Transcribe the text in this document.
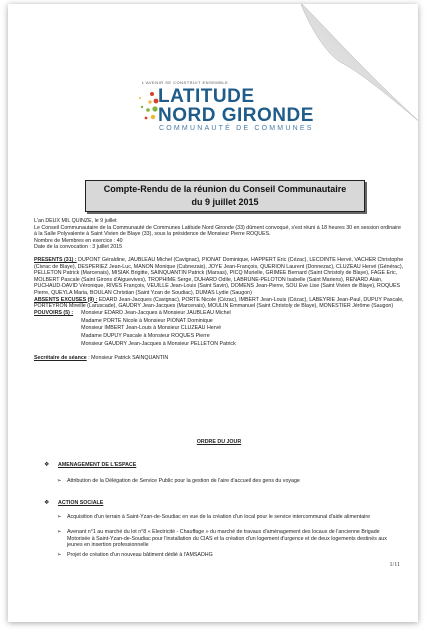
L'AVENIR SE CONSTRUIT ENSEMBLE
LATITUDE
NORD GIRONDE
COMMUNAUTÉ DE COMMUNES
Compte-Rendu de la réunion du Conseil Communautaire
du 9 juillet 2015

L'an DEUX MIL QUINZE, le 9 juillet

Le Conseil Communautaire de la Communauté de Communes Latitude Nord Gironde (33) dûment convoqué, s'est réuni à 18 heures 30 en session ordinaire à la Salle Polyvalente à Saint Vivien de Blaye (33), sous la présidence de Monsieur Pierre ROQUES.

Nombre de Membres en exercice : 40

Date de la convocation : 3 juillet 2015

PRESENTS (31) : DUPONT Géraldine, JAUBLEAU Michel (Cavignac), PIONAT Dominique, HAPPERT Eric (Cézac), LECOINTE Hervé, VACHER Christophe (Civrac de Blaye), DESPERIEZ Jean-Luc, MANON Monique (Cubnezais), JOYE Jean-François, QUERION Laurent (Donnezac), CLUZEAU Hervé (Générac), PELLETON Patrick (Marcenais), MISIAK Brigitte, SAINQUANTIN Patrick (Marsas), PICQ Murielle, GRIMEE Bernard (Saint Christoly de Blaye), FAGE Eric, MOLBERT Pascale (Saint Girons d'Aiguevives), TROPHIME Serge, DUHARD Odile, LABRUNE-PELOTON Isabelle (Saint Mariens), RENARD Alain, PUCHAUD-DAVID Véronique, RIVES François, VEUILLE Jean-Louis (Saint Savin), DOMENS Jean-Pierre, SOU Eve Lise (Saint Vivien de Blaye), ROQUES Pierre, QUEYLA Maria, BOULAN Christian (Saint Yzan de Soudiac), DUMAS Lydie (Saugon)

ABSENTS EXCUSES (9) : EDARD Jean-Jacques (Cavignac), PORTE Nicole (Cézac), IMBERT Jean-Louis (Cézac), LABEYRIE Jean-Paul, DUPUY Pascale, PORTEYRON Mireille (Laruscade), GAUDRY Jean-Jacques (Marcenais), MOULIN Emmanuel (Saint Christoly de Blaye), MONESTIER Jérôme (Saugon)

POUVOIRS (5) : Monsieur EDARD Jean-Jacques à Monsieur JAUBLEAU Michel
Madame PORTE Nicole à Monsieur PIONAT Dominique
Monsieur IMBERT Jean-Louis à Monsieur CLUZEAU Hervé
Madame DUPUY Pascale à Monsieur ROQUES Pierre
Monsieur GAUDRY Jean-Jacques à Monsieur PELLETON Patrick

Secrétaire de séance : Monsieur Patrick SAINQUANTIN

ORDRE DU JOUR
❖ AMENAGEMENT DE L'ESPACE
➢ Attribution de la Délégation de Service Public pour la gestion de l'aire d'accueil des gens du voyage
❖ ACTION SOCIALE
➢ Acquisition d'un terrain à Saint-Yzan-de-Soudiac en vue de la création d'un local pour le service intercommunal d'aide alimentaire
➢ Avenant n°1 au marché du lot n°8 « Electricité - Chauffage » du marché de travaux d'aménagement des locaux de l'ancienne Brigade Motorisée à Saint-Yzan-de-Soudiac pour l'installation du CIAS et la création d'un logement d'urgence et de deux logements destinés aux jeunes en insertion professionnelle
➢ Projet de création d'un nouveau bâtiment dédié à l'AMSADHG
1/11
